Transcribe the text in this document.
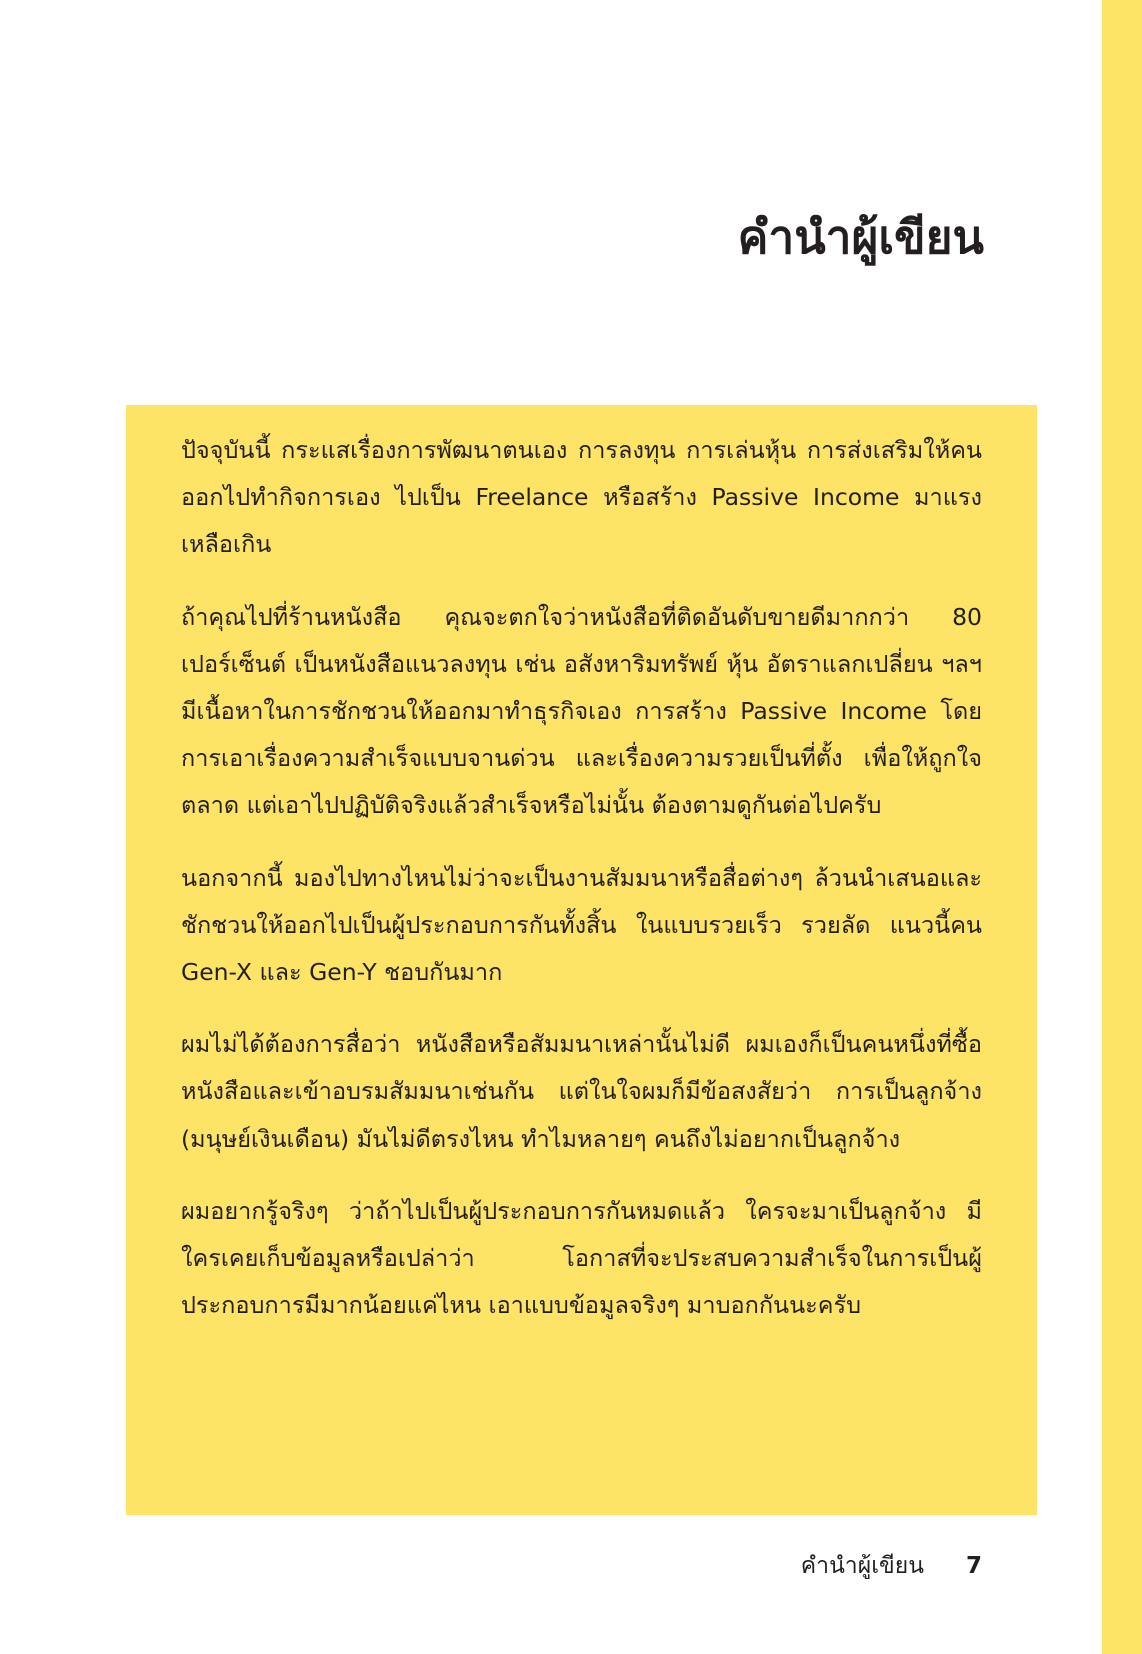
คำนำผู้เขียน

ปัจจุบันนี้ กระแสเรื่องการพัฒนาตนเอง การลงทุน การเล่นหุ้น การส่งเสริมให้คนออกไปทำกิจการเอง ไปเป็น Freelance หรือสร้าง Passive Income มาแรงเหลือเกิน

ถ้าคุณไปที่ร้านหนังสือ คุณจะตกใจว่าหนังสือที่ติดอันดับขายดีมากกว่า 80 เปอร์เซ็นต์ เป็นหนังสือแนวลงทุน เช่น อสังหาริมทรัพย์ หุ้น อัตราแลกเปลี่ยน ฯลฯ มีเนื้อหาในการชักชวนให้ออกมาทำธุรกิจเอง การสร้าง Passive Income โดยการเอาเรื่องความสำเร็จแบบจานด่วน และเรื่องความรวยเป็นที่ตั้ง เพื่อให้ถูกใจตลาด แต่เอาไปปฏิบัติจริงแล้วสำเร็จหรือไม่นั้น ต้องตามดูกันต่อไปครับ

นอกจากนี้ มองไปทางไหนไม่ว่าจะเป็นงานสัมมนาหรือสื่อต่างๆ ล้วนนำเสนอและชักชวนให้ออกไปเป็นผู้ประกอบการกันทั้งสิ้น ในแบบรวยเร็ว รวยลัด แนวนี้คน Gen-X และ Gen-Y ชอบกันมาก

ผมไม่ได้ต้องการสื่อว่า หนังสือหรือสัมมนาเหล่านั้นไม่ดี ผมเองก็เป็นคนหนึ่งที่ซื้อหนังสือและเข้าอบรมสัมมนาเช่นกัน แต่ในใจผมก็มีข้อสงสัยว่า การเป็นลูกจ้าง (มนุษย์เงินเดือน) มันไม่ดีตรงไหน ทำไมหลายๆ คนถึงไม่อยากเป็นลูกจ้าง

ผมอยากรู้จริงๆ ว่าถ้าไปเป็นผู้ประกอบการกันหมดแล้ว ใครจะมาเป็นลูกจ้าง มีใครเคยเก็บข้อมูลหรือเปล่าว่า โอกาสที่จะประสบความสำเร็จในการเป็นผู้ประกอบการมีมากน้อยแค่ไหน เอาแบบข้อมูลจริงๆ มาบอกกันนะครับ

คำนำผู้เขียน 7
